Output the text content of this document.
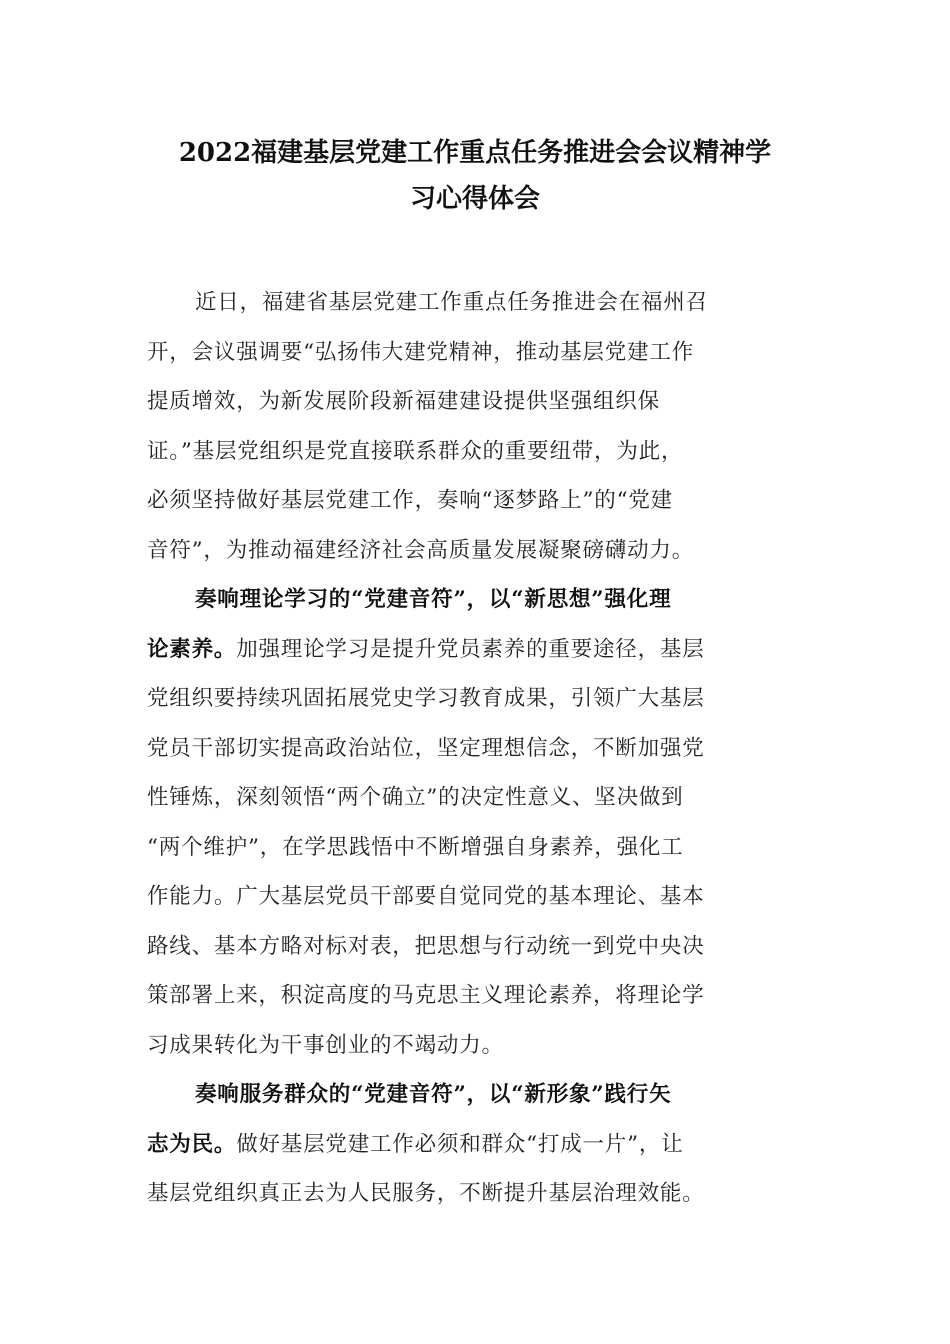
2022福建基层党建工作重点任务推进会会议精神学
习心得体会
近日，福建省基层党建工作重点任务推进会在福州召
开，会议强调要“弘扬伟大建党精神，推动基层党建工作
提质增效，为新发展阶段新福建建设提供坚强组织保
证。”基层党组织是党直接联系群众的重要纽带，为此，
必须坚持做好基层党建工作，奏响“逐梦路上”的“党建
音符”，为推动福建经济社会高质量发展凝聚磅礴动力。
奏响理论学习的“党建音符”，以“新思想”强化理
论素养。加强理论学习是提升党员素养的重要途径，基层
党组织要持续巩固拓展党史学习教育成果，引领广大基层
党员干部切实提高政治站位，坚定理想信念，不断加强党
性锤炼，深刻领悟“两个确立”的决定性意义、坚决做到
“两个维护”，在学思践悟中不断增强自身素养，强化工
作能力。广大基层党员干部要自觉同党的基本理论、基本
路线、基本方略对标对表，把思想与行动统一到党中央决
策部署上来，积淀高度的马克思主义理论素养，将理论学
习成果转化为干事创业的不竭动力。
奏响服务群众的“党建音符”，以“新形象”践行矢
志为民。做好基层党建工作必须和群众“打成一片”，让
基层党组织真正去为人民服务，不断提升基层治理效能。
